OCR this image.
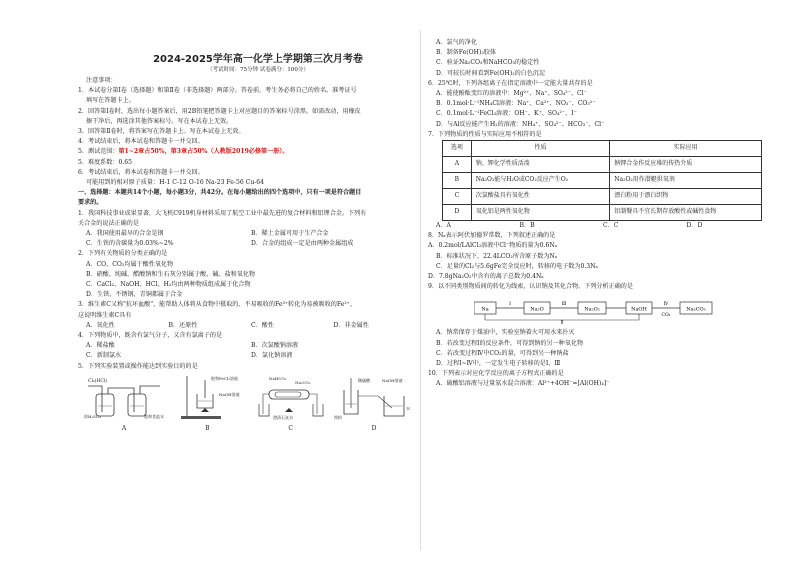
2024-2025学年高一化学上学期第三次月考卷
（考试时间：75分钟 试卷满分：100分）
注意事项：
1．本试卷分第Ⅰ卷（选择题）和第Ⅱ卷（非选择题）两部分。答卷前，考生务必将自己的姓名、准考证号
填写在答题卡上。
2．回答第Ⅰ卷时，选出每小题答案后，用2B铅笔把答题卡上对应题目的答案标号涂黑。如需改动，用橡皮
擦干净后，再选涂其他答案标号。写在本试卷上无效。
3．回答第Ⅱ卷时，将答案写在答题卡上。写在本试卷上无效。
4．考试结束后，将本试卷和答题卡一并交回。
5．测试范围：第1~2章占50%，第3章占50%（人教版2019必修第一册）。
5．难度系数：0.65
6．考试结束后，将本试卷和答题卡一并交回。
可能用到的相对原子质量：H-1 C-12 O-16 Na-23 Fe-56 Cu-64
一、选择题：本题共14个小题，每小题3分，共42分。在每小题给出的四个选项中，只有一项是符合题目
要求的。
1．我国科技事业成果显著，大飞机C919机身材料采用了航空工业中最先进的复合材料和铝锂合金。下列有
关合金的说法正确的是
A．我国使用最早的合金是钢	B．稀土金属可用于生产合金
C．生铁的含碳量为0.03%~2%	D．合金的组成一定是由两种金属组成
2．下列有关物质的分类正确的是
A．CO、CO₂均属于酸性氧化物
B．硝酸、纯碱、醋酸钠和生石灰分别属于酸、碱、盐和氧化物
C．CaCl₂、NaOH、HCl、H₂均由两种物质组成属于化合物
D．生铁、不锈钢、青铜都属于合金
3．维生素C又称"抗坏血酸"，能帮助人体将从食物中摄取的、不易吸收的Fe³⁺转化为易被吸收的Fe²⁺，
这说明维生素C具有
A．氧化性	B．还原性	C．酸性	D．非金属性
4．下列物质中，既含有氯气分子，又含有氯离子的是
A．稀盐酸	B．次氯酸钠溶液
C．新制氯水	D．氯化钠溶液
5．下列实验装置或操作能达到实验目的的是
Cl₂(HCl)
浓H₂SO₄	饱和食盐水
A
饱和FeCl₃溶液
NaOH溶液
B
NaHCO₃
Na₂CO₃
澄清石灰水
C
NaOH溶液
稀硫酸
铁粉
水
D
A．氯气的净化
B．制备Fe(OH)₃胶体
C．验证Na₂CO₃和NaHCO₃的稳定性
D．可较长时间看到Fe(OH)₂的白色沉淀
6．25℃时，下列各组离子在指定溶液中一定能大量共存的是
A．能使酚酞变红的溶液中：Mg²⁺、Na⁺、SO₄²⁻、Cl⁻
B．0.1mol·L⁻¹NH₄Cl溶液：Na⁺、Ca²⁺、NO₃⁻、CO₃²⁻
C．0.1mol·L⁻¹FeCl₃溶液：OH⁻、K⁺、SO₄²⁻、I⁻
D．与Al反应能产生H₂的溶液：NH₄⁺、SO₄²⁻、HCO₃⁻、Cl⁻
7．下列物质的性质与实际应用不相符的是
选项	性质	实际应用
A	钠、钾化学性质活泼	钠钾合金作反应堆的传热介质
B	Na₂O₂能与H₂O或CO₂反应产生O₂	Na₂O₂用作潜艇供氧剂
C	次氯酸盐具有氧化性	漂白粉用于漂白织物
D	氧化铝是两性氧化物	铝制餐具不宜长期存放酸性或碱性食物
A．A	B．B	C．C	D．D
8．Nₐ表示阿伏加德罗常数，下列叙述正确的是
A．0.2mol/LAlCl₃溶液中Cl⁻物质的量为0.6Nₐ
B．标准状况下，22.4LCO₂所含原子数为Nₐ
C．足量的Cl₂与5.6gFe完全反应时，转移的电子数为0.3Nₐ
D．7.8gNa₂O₂中含有的离子总数为0.4Nₐ
9．以不同类别物质间的转化为线索，认识钠及其化合物。下列分析正确的是
Na
Ⅰ
Na₂O
Ⅲ
Na₂O₂	NaOH
Ⅳ
CO₂
Na₂CO₃
Ⅱ
A．钠常保存于煤油中，实验室钠着火可用水来扑灭
B．若改变过程Ⅰ的反应条件，可得到钠的另一种氧化物
C．若改变过程Ⅳ中CO₂的量，可得到另一种钠盐
D．过程Ⅰ~Ⅳ中，一定发生电子转移的是Ⅰ、Ⅲ
10．下列表示对应化学反应的离子方程式正确的是
A．硫酸铝溶液与过量氨水混合溶液：Al³⁺+4OH⁻=[Al(OH)₄]⁻
